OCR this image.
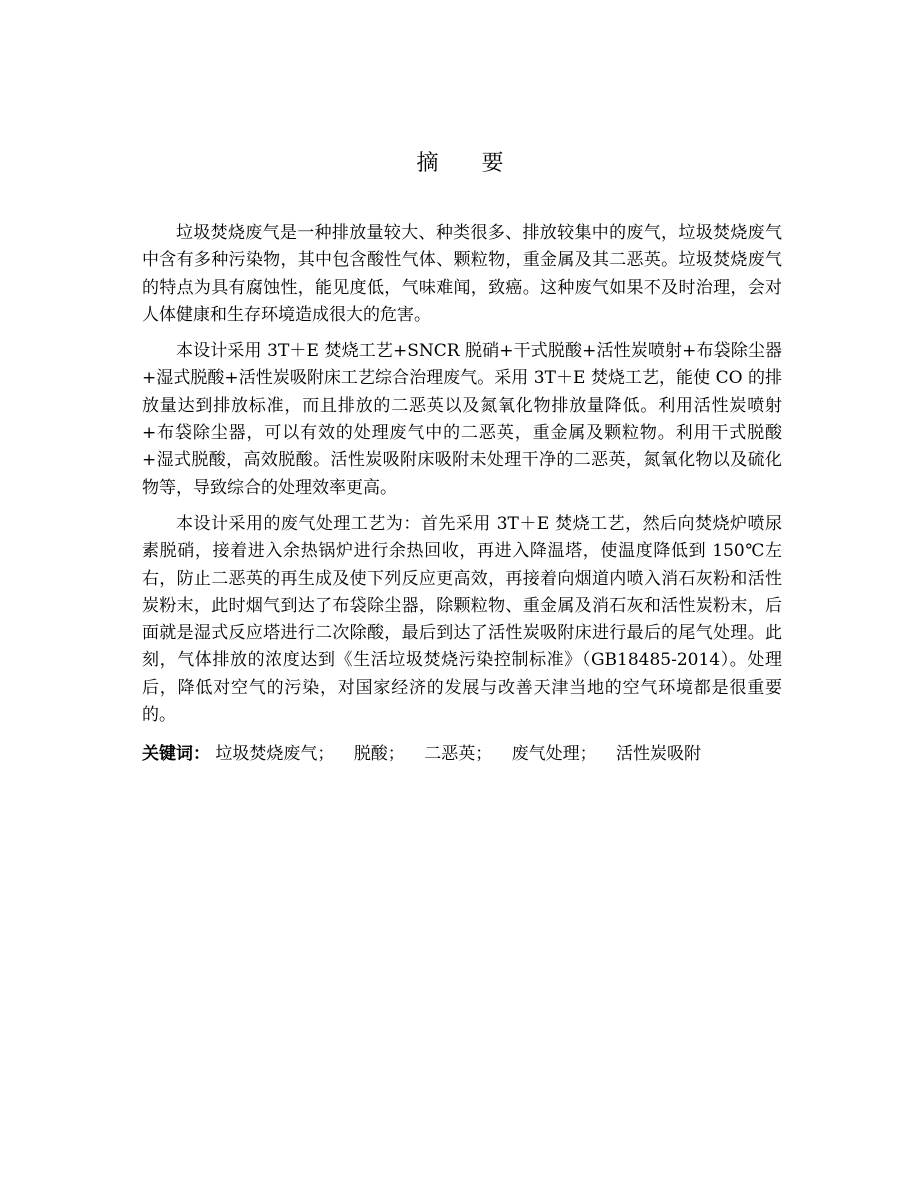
摘 要

垃圾焚烧废气是一种排放量较大、种类很多、排放较集中的废气，垃圾焚烧废气中含有多种污染物，其中包含酸性气体、颗粒物，重金属及其二恶英。垃圾焚烧废气的特点为具有腐蚀性，能见度低，气味难闻，致癌。这种废气如果不及时治理，会对人体健康和生存环境造成很大的危害。

本设计采用 3T＋E 焚烧工艺+SNCR 脱硝+干式脱酸+活性炭喷射+布袋除尘器+湿式脱酸+活性炭吸附床工艺综合治理废气。采用 3T＋E 焚烧工艺，能使 CO 的排放量达到排放标准，而且排放的二恶英以及氮氧化物排放量降低。利用活性炭喷射+布袋除尘器，可以有效的处理废气中的二恶英，重金属及颗粒物。利用干式脱酸+湿式脱酸，高效脱酸。活性炭吸附床吸附未处理干净的二恶英，氮氧化物以及硫化物等，导致综合的处理效率更高。

本设计采用的废气处理工艺为：首先采用 3T＋E 焚烧工艺，然后向焚烧炉喷尿素脱硝，接着进入余热锅炉进行余热回收，再进入降温塔，使温度降低到 150℃左右，防止二恶英的再生成及使下列反应更高效，再接着向烟道内喷入消石灰粉和活性炭粉末，此时烟气到达了布袋除尘器，除颗粒物、重金属及消石灰和活性炭粉末，后面就是湿式反应塔进行二次除酸，最后到达了活性炭吸附床进行最后的尾气处理。此刻，气体排放的浓度达到《生活垃圾焚烧污染控制标准》（GB18485-2014）。处理后，降低对空气的污染，对国家经济的发展与改善天津当地的空气环境都是很重要的。

关键词： 垃圾焚烧废气； 脱酸； 二恶英； 废气处理； 活性炭吸附
